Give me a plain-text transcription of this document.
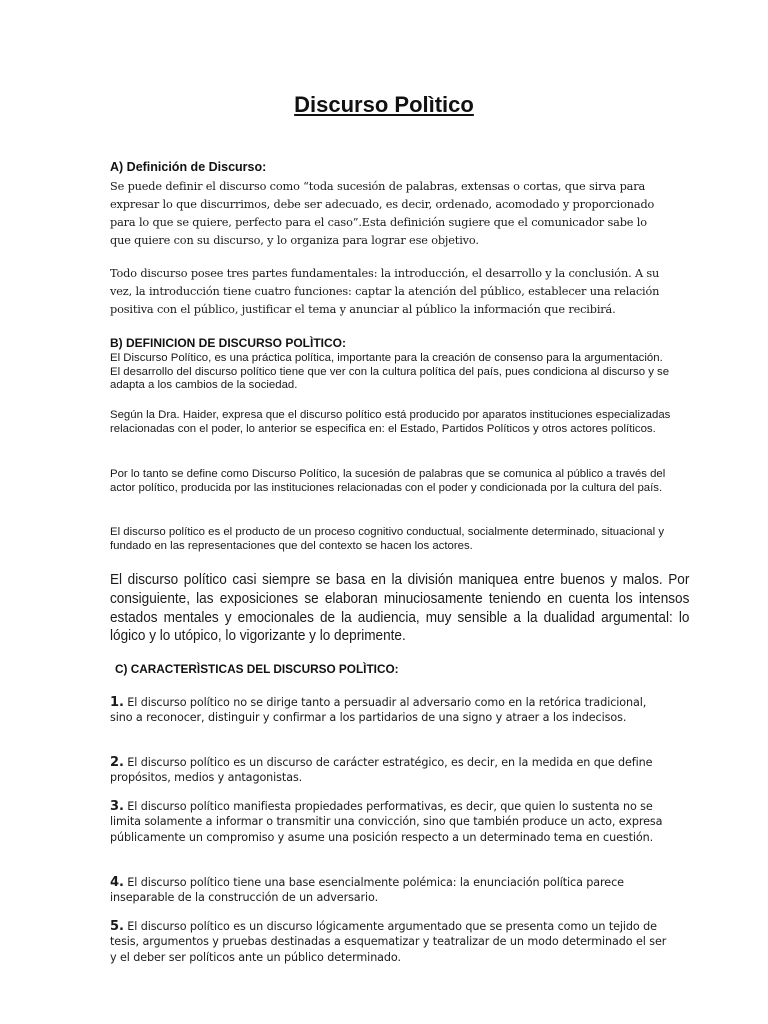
Discurso Polìtico

A) Definición de Discurso:

Se puede definir el discurso como “toda sucesión de palabras, extensas o cortas, que sirva para expresar lo que discurrimos, debe ser adecuado, es decir, ordenado, acomodado y proporcionado para lo que se quiere, perfecto para el caso”.Esta definición sugiere que el comunicador sabe lo que quiere con su discurso, y lo organiza para lograr ese objetivo.

Todo discurso posee tres partes fundamentales: la introducción, el desarrollo y la conclusión. A su vez, la introducción tiene cuatro funciones: captar la atención del público, establecer una relación positiva con el público, justificar el tema y anunciar al público la información que recibirá.

B) DEFINICION DE DISCURSO POLÌTICO:

El Discurso Político, es una práctica política, importante para la creación de consenso para la argumentación. El desarrollo del discurso político tiene que ver con la cultura política del país, pues condiciona al discurso y se adapta a los cambios de la sociedad.

Según la Dra. Haider, expresa que el discurso político está producido por aparatos instituciones especializadas relacionadas con el poder, lo anterior se especifica en: el Estado, Partidos Políticos y otros actores políticos.

Por lo tanto se define como Discurso Político, la sucesión de palabras que se comunica al público a través del actor político, producida por las instituciones relacionadas con el poder y condicionada por la cultura del país.

El discurso político es el producto de un proceso cognitivo conductual, socialmente determinado, situacional y fundado en las representaciones que del contexto se hacen los actores.

El discurso político casi siempre se basa en la división maniquea entre buenos y malos. Por consiguiente, las exposiciones se elaboran minuciosamente teniendo en cuenta los intensos estados mentales y emocionales de la audiencia, muy sensible a la dualidad argumental: lo lógico y lo utópico, lo vigorizante y lo deprimente.

C) CARACTERÌSTICAS DEL DISCURSO POLÌTICO:

1. El discurso político no se dirige tanto a persuadir al adversario como en la retórica tradicional, sino a reconocer, distinguir y confirmar a los partidarios de una signo y atraer a los indecisos.

2. El discurso político es un discurso de carácter estratégico, es decir, en la medida en que define propósitos, medios y antagonistas.

3. El discurso político manifiesta propiedades performativas, es decir, que quien lo sustenta no se limita solamente a informar o transmitir una convicción, sino que también produce un acto, expresa públicamente un compromiso y asume una posición respecto a un determinado tema en cuestión.

4. El discurso político tiene una base esencialmente polémica: la enunciación política parece inseparable de la construcción de un adversario.

5. El discurso político es un discurso lógicamente argumentado que se presenta como un tejido de tesis, argumentos y pruebas destinadas a esquematizar y teatralizar de un modo determinado el ser y el deber ser políticos ante un público determinado.
